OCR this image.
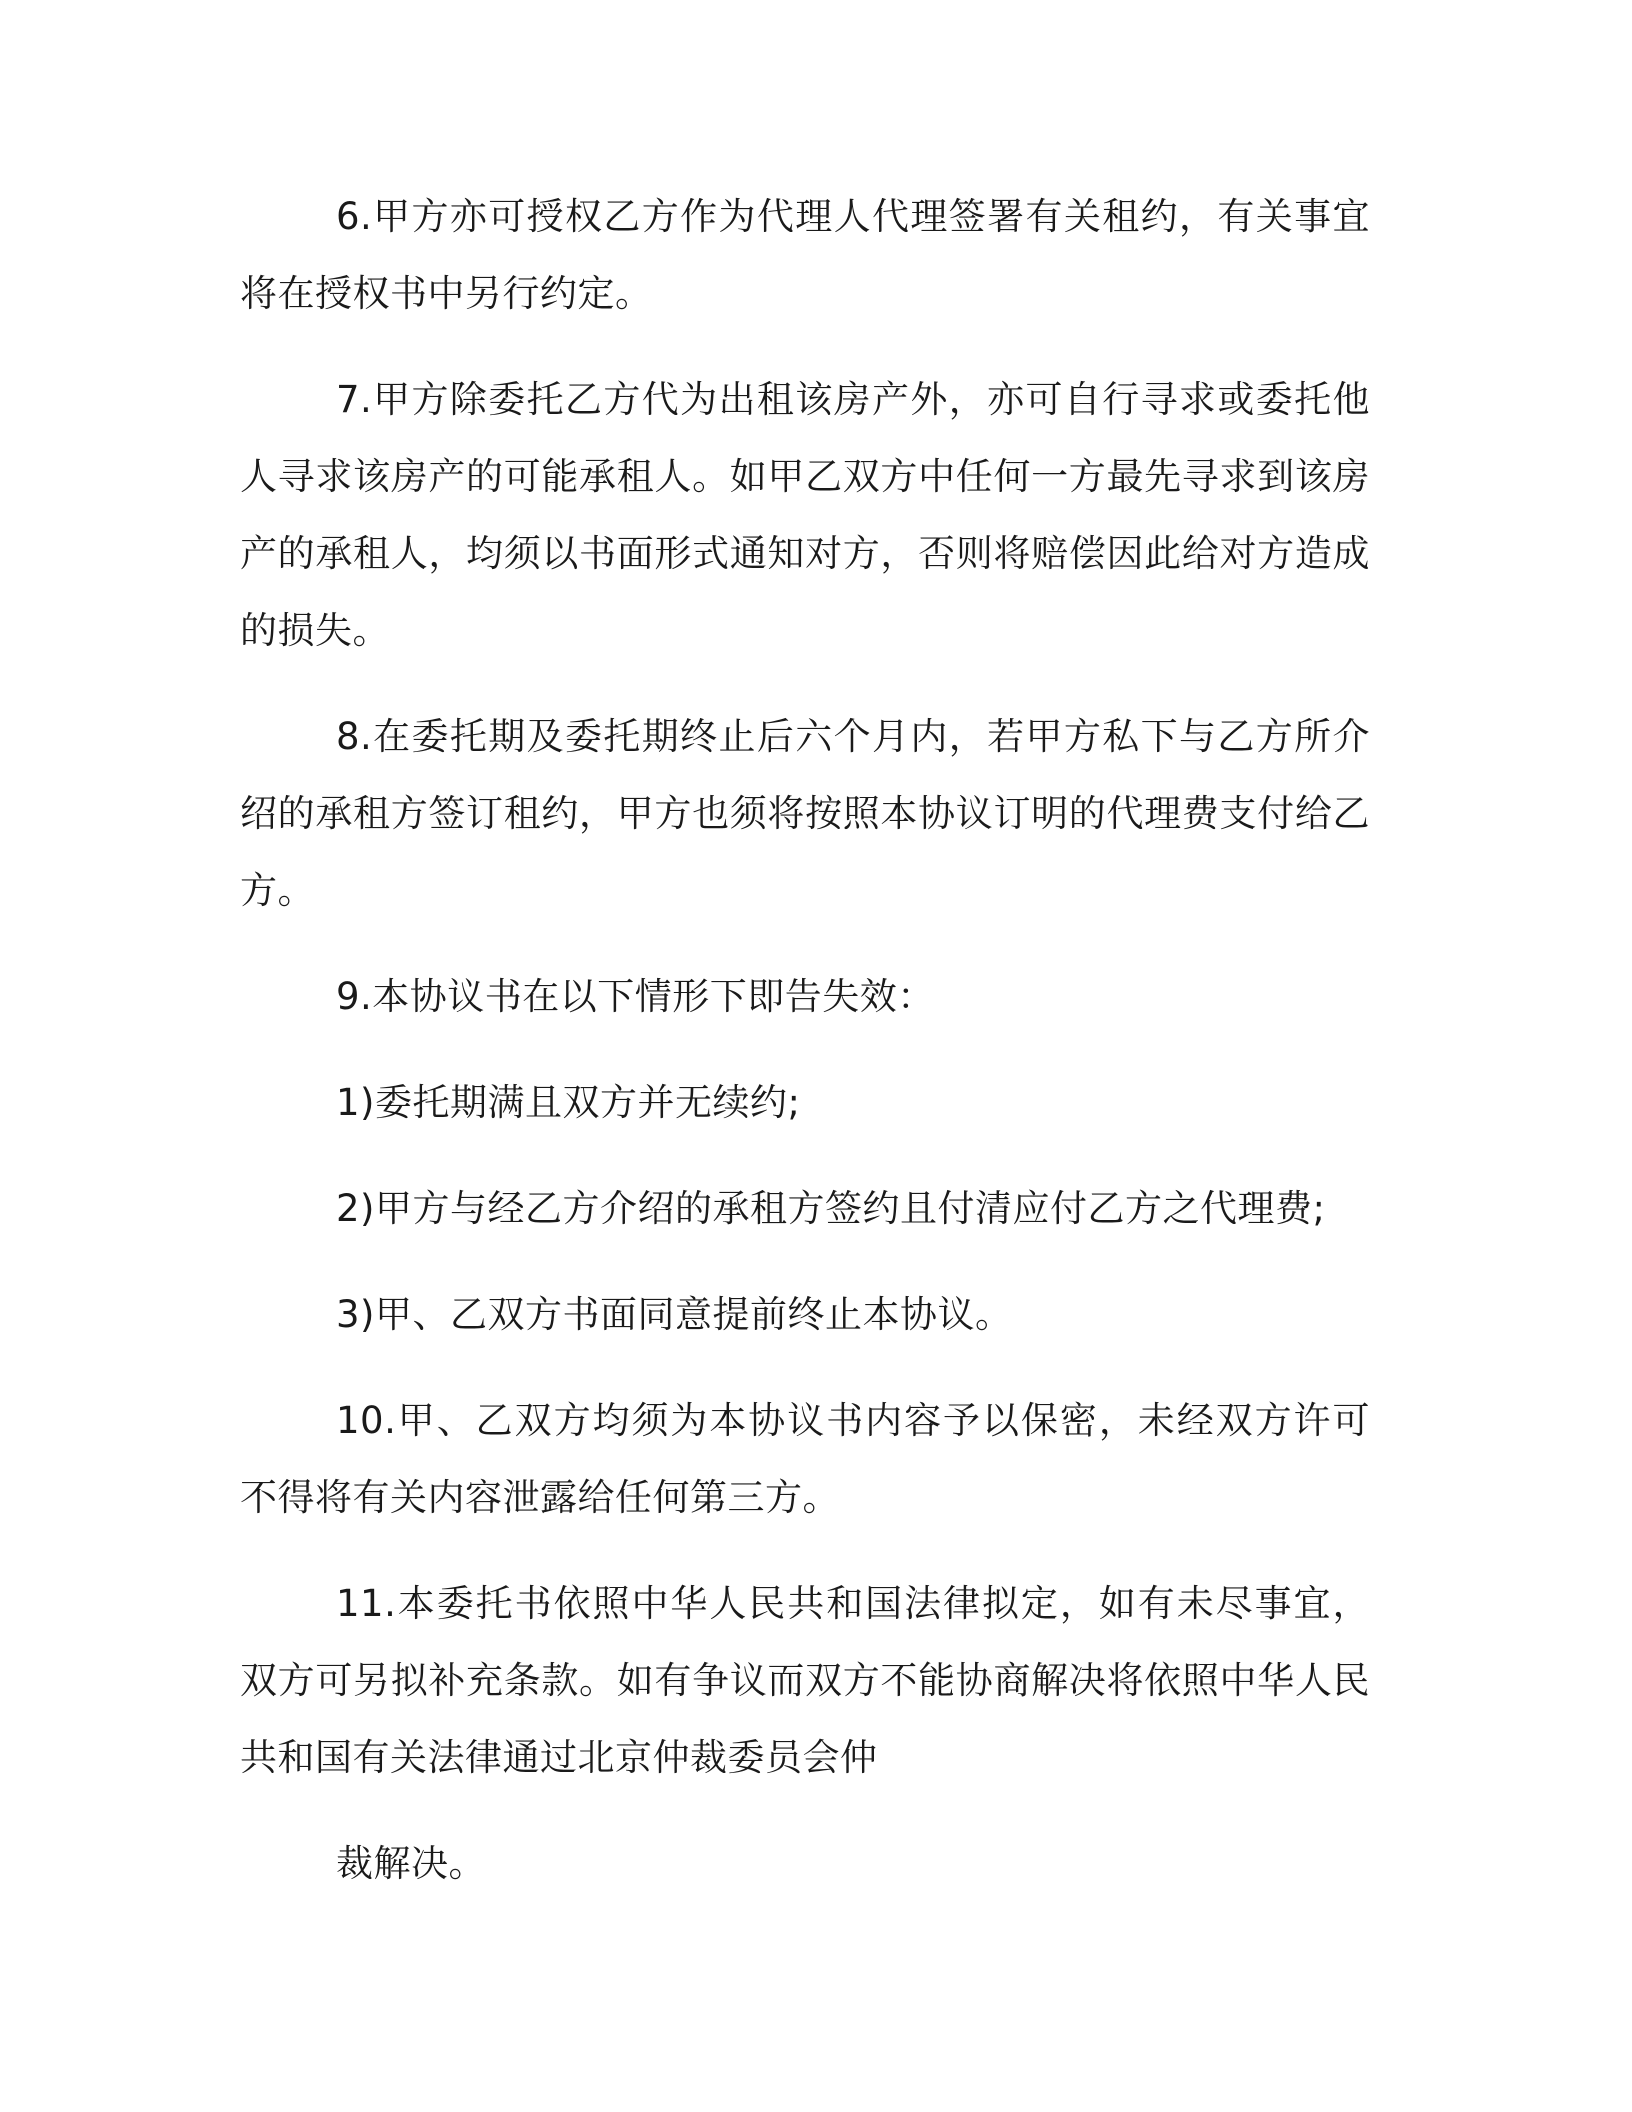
6.甲方亦可授权乙方作为代理人代理签署有关租约，有关事宜将在授权书中另行约定。

7.甲方除委托乙方代为出租该房产外，亦可自行寻求或委托他人寻求该房产的可能承租人。如甲乙双方中任何一方最先寻求到该房产的承租人，均须以书面形式通知对方，否则将赔偿因此给对方造成的损失。

8.在委托期及委托期终止后六个月内，若甲方私下与乙方所介绍的承租方签订租约，甲方也须将按照本协议订明的代理费支付给乙方。

9.本协议书在以下情形下即告失效：

1)委托期满且双方并无续约;

2)甲方与经乙方介绍的承租方签约且付清应付乙方之代理费;

3)甲、乙双方书面同意提前终止本协议。

10.甲、乙双方均须为本协议书内容予以保密，未经双方许可不得将有关内容泄露给任何第三方。

11.本委托书依照中华人民共和国法律拟定，如有未尽事宜，双方可另拟补充条款。如有争议而双方不能协商解决将依照中华人民共和国有关法律通过北京仲裁委员会仲

裁解决。
